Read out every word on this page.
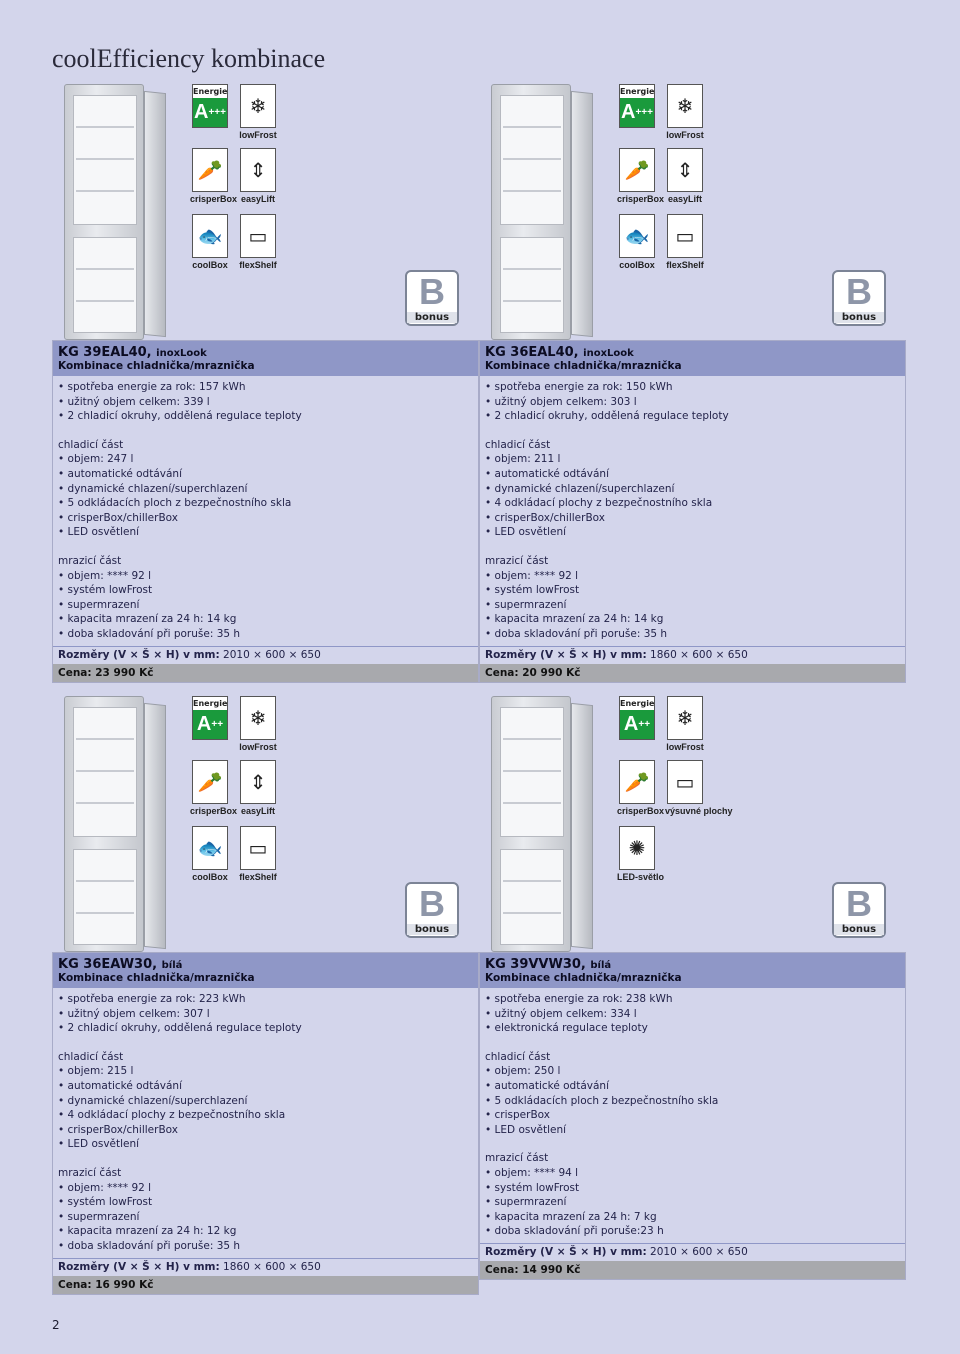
coolEfficiency kombinace
Energie
A +++	❄
lowFrost
🥕
crisperBox
⇕
easyLift
🐟
coolBox
▭
flexShelf
B
bonus
KG 39EAL40, inoxLook
Kombinace chladnička/mraznička
• spotřeba energie za rok: 157 kWh
• užitný objem celkem: 339 l
• 2 chladicí okruhy, oddělená regulace teploty
chladicí část
• objem: 247 l
• automatické odtávání
• dynamické chlazení/superchlazení
• 5 odkládacích ploch z bezpečnostního skla
• crisperBox/chillerBox
• LED osvětlení
mrazicí část
• objem: **** 92 l
• systém lowFrost
• supermrazení
• kapacita mrazení za 24 h: 14 kg
• doba skladování při poruše: 35 h
Rozměry (V × Š × H) v mm: 2010 × 600 × 650
Cena: 23 990 Kč
Energie
A +++	❄
lowFrost
🥕
crisperBox
⇕
easyLift
🐟
coolBox
▭
flexShelf
B
bonus
KG 36EAL40, inoxLook
Kombinace chladnička/mraznička
• spotřeba energie za rok: 150 kWh
• užitný objem celkem: 303 l
• 2 chladicí okruhy, oddělená regulace teploty
chladicí část
• objem: 211 l
• automatické odtávání
• dynamické chlazení/superchlazení
• 4 odkládací plochy z bezpečnostního skla
• crisperBox/chillerBox
• LED osvětlení
mrazicí část
• objem: **** 92 l
• systém lowFrost
• supermrazení
• kapacita mrazení za 24 h: 14 kg
• doba skladování při poruše: 35 h
Rozměry (V × Š × H) v mm: 1860 × 600 × 650
Cena: 20 990 Kč
Energie
A ++	❄
lowFrost
🥕
crisperBox
⇕
easyLift
🐟
coolBox
▭
flexShelf
B
bonus
KG 36EAW30, bílá
Kombinace chladnička/mraznička
• spotřeba energie za rok: 223 kWh
• užitný objem celkem: 307 l
• 2 chladicí okruhy, oddělená regulace teploty
chladicí část
• objem: 215 l
• automatické odtávání
• dynamické chlazení/superchlazení
• 4 odkládací plochy z bezpečnostního skla
• crisperBox/chillerBox
• LED osvětlení
mrazicí část
• objem: **** 92 l
• systém lowFrost
• supermrazení
• kapacita mrazení za 24 h: 12 kg
• doba skladování při poruše: 35 h
Rozměry (V × Š × H) v mm: 1860 × 600 × 650
Cena: 16 990 Kč
Energie
A ++	❄
lowFrost
🥕
crisperBox
▭
výsuvné plochy
✺
LED-světlo
B
bonus
KG 39VVW30, bílá
Kombinace chladnička/mraznička
• spotřeba energie za rok: 238 kWh
• užitný objem celkem: 334 l
• elektronická regulace teploty
chladicí část
• objem: 250 l
• automatické odtávání
• 5 odkládacích ploch z bezpečnostního skla
• crisperBox
• LED osvětlení
mrazicí část
• objem: **** 94 l
• systém lowFrost
• supermrazení
• kapacita mrazení za 24 h: 7 kg
• doba skladování při poruše:23 h
Rozměry (V × Š × H) v mm: 2010 × 600 × 650
Cena: 14 990 Kč
2
